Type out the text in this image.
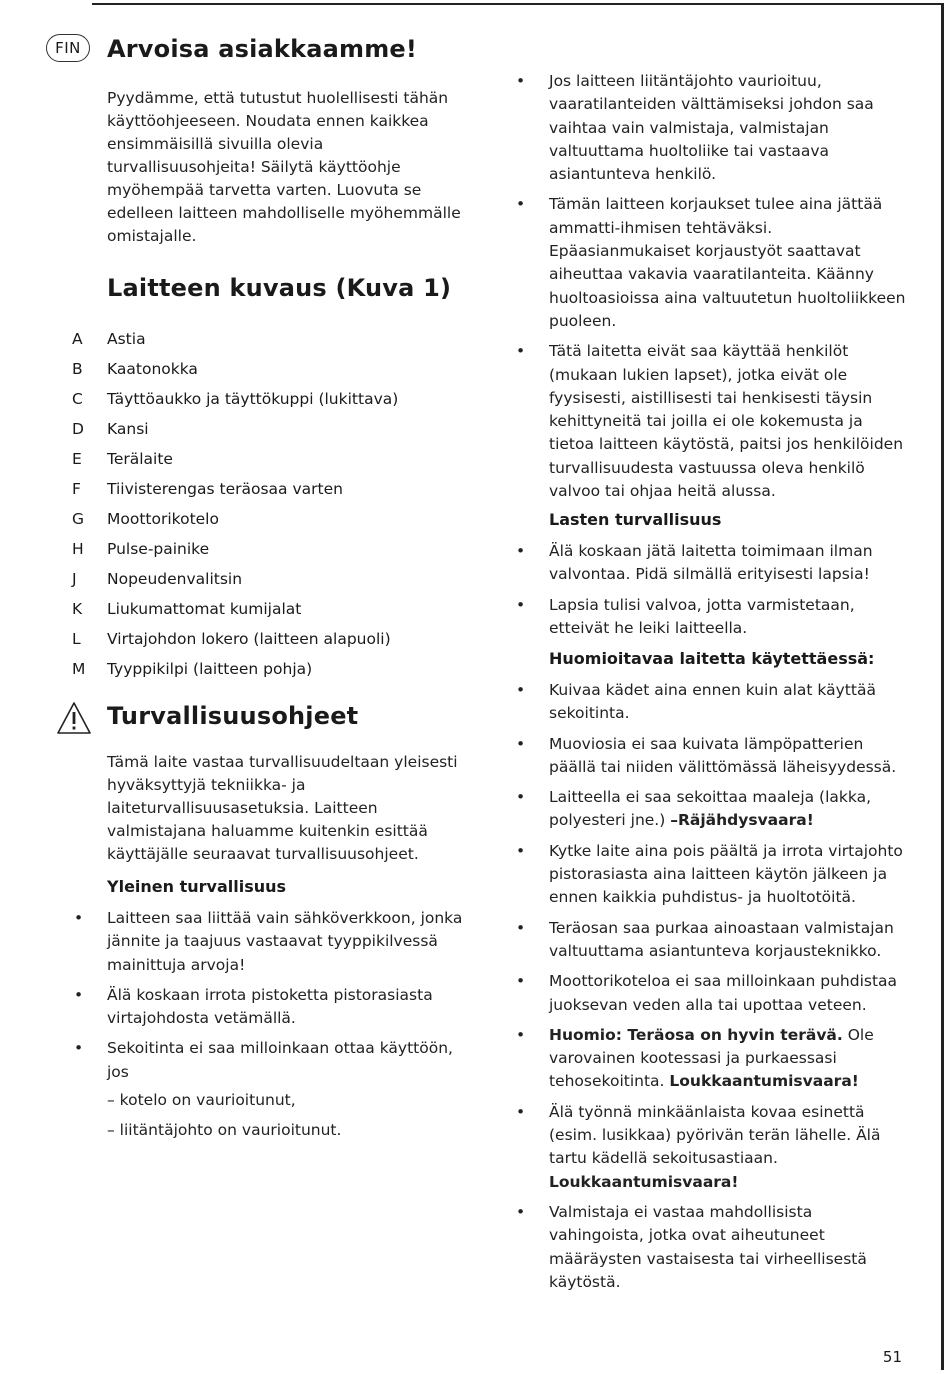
FIN	Arvoisa asiakkaamme!
Pyydämme, että tutustut huolellisesti tähän käyttöohjeeseen. Noudata ennen kaikkea ensimmäisillä sivuilla olevia turvallisuusohjeita! Säilytä käyttöohje myöhempää tarvetta varten. Luovuta se edelleen laitteen mahdolliselle myöhemmälle omistajalle.
Laitteen kuvaus (Kuva 1)
A	Astia
B	Kaatonokka
C	Täyttöaukko ja täyttökuppi (lukittava)
D	Kansi
E	Terälaite
F	Tiivisterengas teräosaa varten
G	Moottorikotelo
H	Pulse-painike
J	Nopeudenvalitsin
K	Liukumattomat kumijalat
L	Virtajohdon lokero (laitteen alapuoli)
M	Tyyppikilpi (laitteen pohja)
Turvallisuusohjeet
Tämä laite vastaa turvallisuudeltaan yleisesti hyväksyttyjä tekniikka- ja laiteturvallisuusasetuksia. Laitteen valmistajana haluamme kuitenkin esittää käyttäjälle seuraavat turvallisuusohjeet.
Yleinen turvallisuus
•	Laitteen saa liittää vain sähköverkkoon, jonka jännite ja taajuus vastaavat tyyppikilvessä mainittuja arvoja!
•	Älä koskaan irrota pistoketta pistorasiasta virtajohdosta vetämällä.
•	Sekoitinta ei saa milloinkaan ottaa käyttöön, jos
– kotelo on vaurioitunut,
– liitäntäjohto on vaurioitunut.
•	Jos laitteen liitäntäjohto vaurioituu, vaaratilanteiden välttämiseksi johdon saa vaihtaa vain valmistaja, valmistajan valtuuttama huoltoliike tai vastaava asiantunteva henkilö.
•	Tämän laitteen korjaukset tulee aina jättää ammatti-ihmisen tehtäväksi. Epäasianmukaiset korjaustyöt saattavat aiheuttaa vakavia vaaratilanteita. Käänny huoltoasioissa aina valtuutetun huoltoliikkeen puoleen.
•	Tätä laitetta eivät saa käyttää henkilöt (mukaan lukien lapset), jotka eivät ole fyysisesti, aistillisesti tai henkisesti täysin kehittyneitä tai joilla ei ole kokemusta ja tietoa laitteen käytöstä, paitsi jos henkilöiden turvallisuudesta vastuussa oleva henkilö valvoo tai ohjaa heitä alussa.
Lasten turvallisuus
•	Älä koskaan jätä laitetta toimimaan ilman valvontaa. Pidä silmällä erityisesti lapsia!
•	Lapsia tulisi valvoa, jotta varmistetaan, etteivät he leiki laitteella.
Huomioitavaa laitetta käytettäessä:
•	Kuivaa kädet aina ennen kuin alat käyttää sekoitinta.
•	Muoviosia ei saa kuivata lämpöpatterien päällä tai niiden välittömässä läheisyydessä.
•	Laitteella ei saa sekoittaa maaleja (lakka, polyesteri jne.) –Räjähdysvaara!
•	Kytke laite aina pois päältä ja irrota virtajohto pistorasiasta aina laitteen käytön jälkeen ja ennen kaikkia puhdistus- ja huoltotöitä.
•	Teräosan saa purkaa ainoastaan valmistajan valtuuttama asiantunteva korjausteknikko.
•	Moottorikoteloa ei saa milloinkaan puhdistaa juoksevan veden alla tai upottaa veteen.
•	Huomio: Teräosa on hyvin terävä. Ole varovainen kootessasi ja purkaessasi tehosekoitinta. Loukkaantumisvaara!
•	Älä työnnä minkäänlaista kovaa esinettä (esim. lusikkaa) pyörivän terän lähelle. Älä tartu kädellä sekoitusastiaan. Loukkaantumisvaara!
•	Valmistaja ei vastaa mahdollisista vahingoista, jotka ovat aiheutuneet määräysten vastaisesta tai virheellisestä käytöstä.
51
